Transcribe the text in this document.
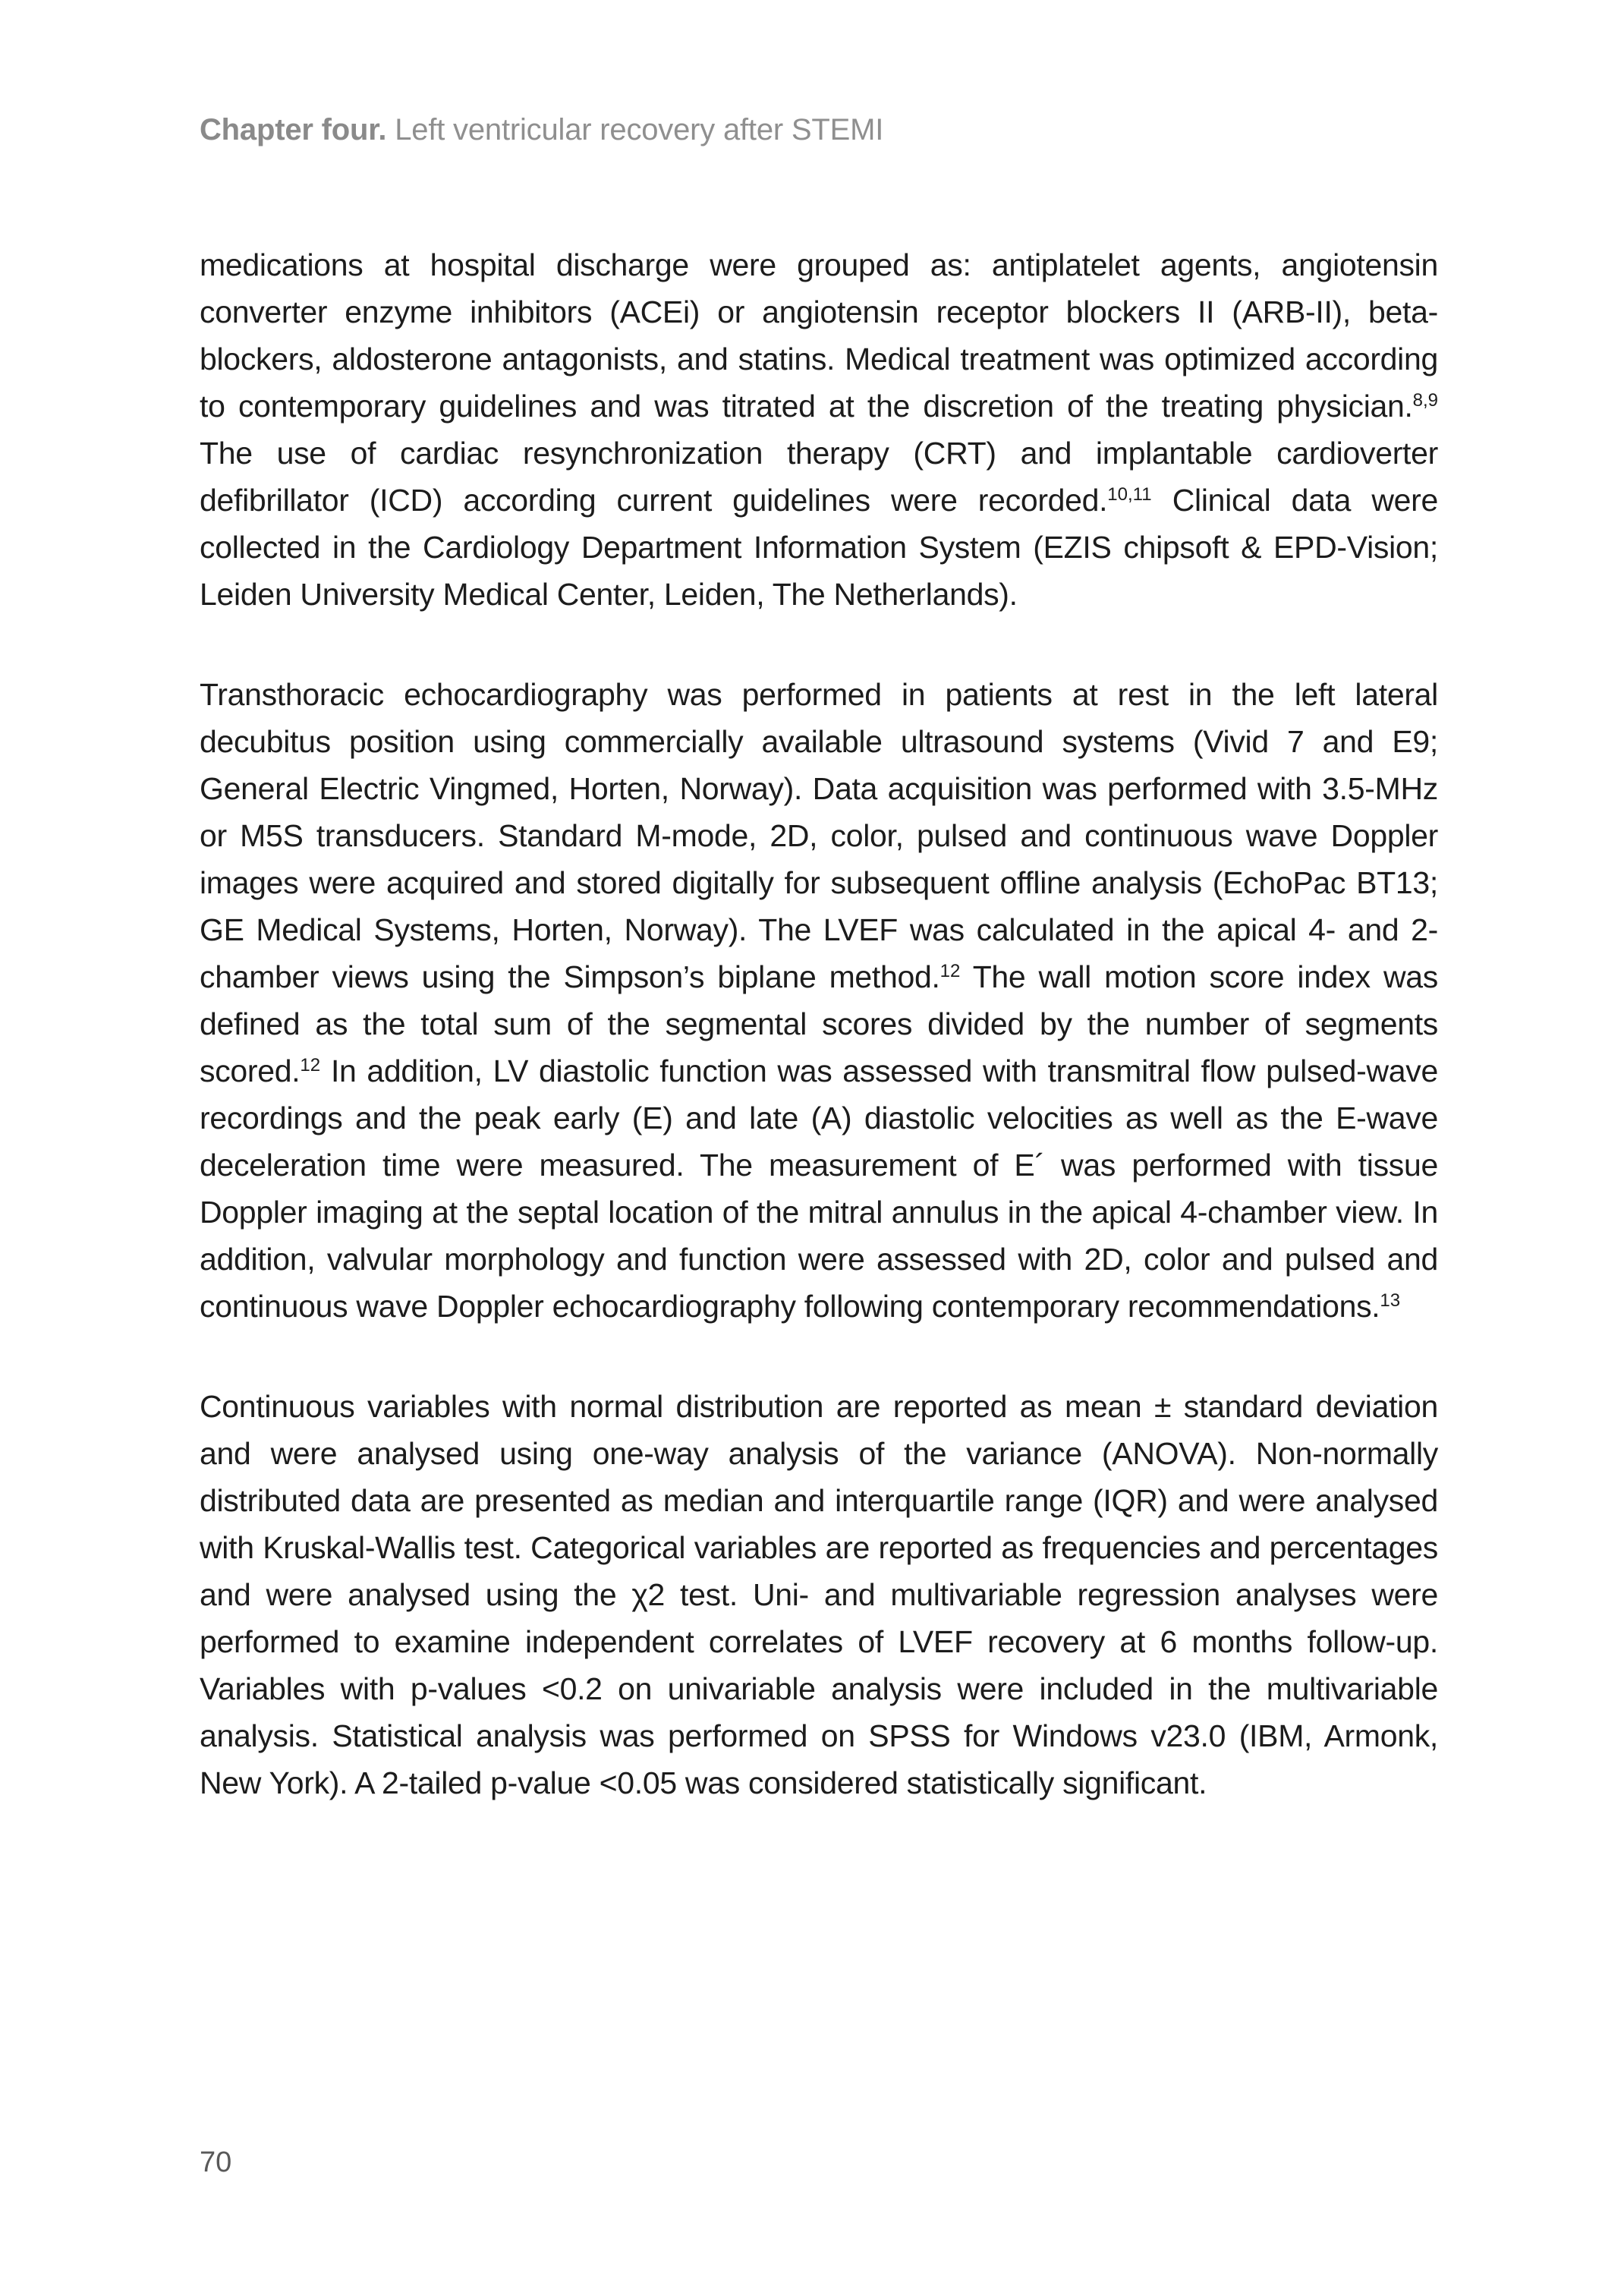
Chapter four. Left ventricular recovery after STEMI

medications at hospital discharge were grouped as: antiplatelet agents, angiotensin converter enzyme inhibitors (ACEi) or angiotensin receptor blockers II (ARB-II), beta-blockers, aldosterone antagonists, and statins. Medical treatment was optimized according to contemporary guidelines and was titrated at the discretion of the treating physician.$^{8,9}$ The use of cardiac resynchronization therapy (CRT) and implantable cardioverter defibrillator (ICD) according current guidelines were recorded.$^{10,11}$ Clinical data were collected in the Cardiology Department Information System (EZIS chipsoft & EPD-Vision; Leiden University Medical Center, Leiden, The Netherlands).

Transthoracic echocardiography was performed in patients at rest in the left lateral decubitus position using commercially available ultrasound systems (Vivid 7 and E9; General Electric Vingmed, Horten, Norway). Data acquisition was performed with 3.5-MHz or M5S transducers. Standard M-mode, 2D, color, pulsed and continuous wave Doppler images were acquired and stored digitally for subsequent offline analysis (EchoPac BT13; GE Medical Systems, Horten, Norway). The LVEF was calculated in the apical 4- and 2-chamber views using the Simpson’s biplane method.$^{12}$ The wall motion score index was defined as the total sum of the segmental scores divided by the number of segments scored.$^{12}$ In addition, LV diastolic function was assessed with transmitral flow pulsed-wave recordings and the peak early (E) and late (A) diastolic velocities as well as the E-wave deceleration time were measured. The measurement of E´ was performed with tissue Doppler imaging at the septal location of the mitral annulus in the apical 4-chamber view. In addition, valvular morphology and function were assessed with 2D, color and pulsed and continuous wave Doppler echocardiography following contemporary recommendations.$^{13}$

Continuous variables with normal distribution are reported as mean ± standard deviation and were analysed using one-way analysis of the variance (ANOVA). Non-normally distributed data are presented as median and interquartile range (IQR) and were analysed with Kruskal-Wallis test. Categorical variables are reported as frequencies and percentages and were analysed using the χ2 test. Uni- and multivariable regression analyses were performed to examine independent correlates of LVEF recovery at 6 months follow-up. Variables with p-values <0.2 on univariable analysis were included in the multivariable analysis. Statistical analysis was performed on SPSS for Windows v23.0 (IBM, Armonk, New York). A 2-tailed p-value <0.05 was considered statistically significant.

70
